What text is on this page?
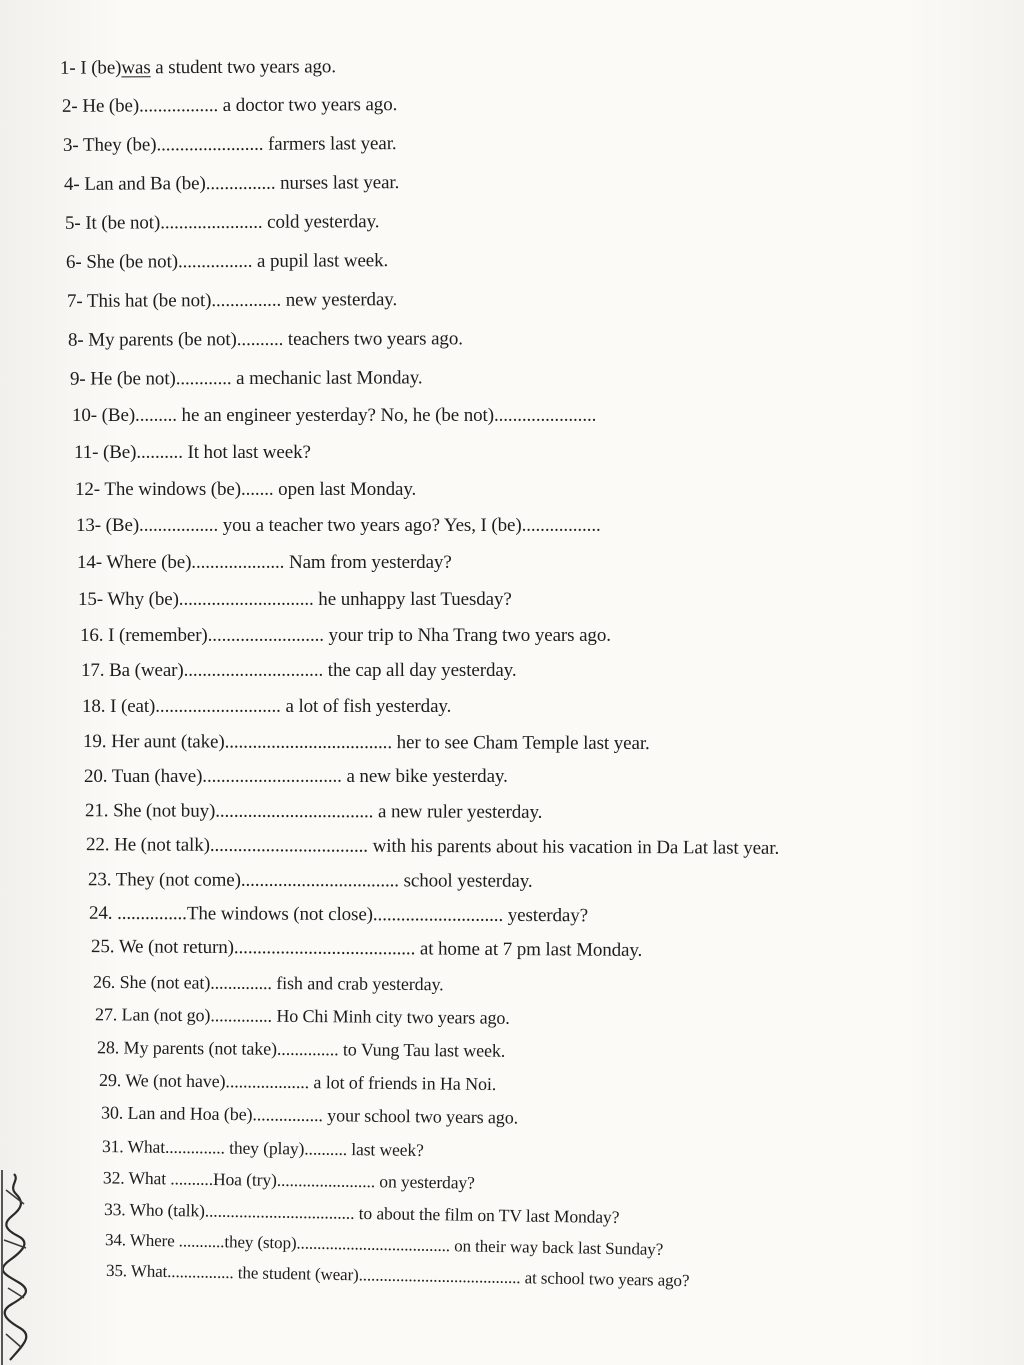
1- I (be)was a student two years ago.
2- He (be)................. a doctor two years ago.
3- They (be)....................... farmers last year.
4- Lan and Ba (be)............... nurses last year.
5- It (be not)...................... cold yesterday.
6- She (be not)................ a pupil last week.
7- This hat (be not)............... new yesterday.
8- My parents (be not).......... teachers two years ago.
9- He (be not)............ a mechanic last Monday.
10- (Be)......... he an engineer yesterday? No, he (be not)......................
11- (Be).......... It hot last week?
12- The windows (be)....... open last Monday.
13- (Be)................. you a teacher two years ago? Yes, I (be).................
14- Where (be).................... Nam from yesterday?
15- Why (be)............................. he unhappy last Tuesday?
16. I (remember)......................... your trip to Nha Trang two years ago.
17. Ba (wear).............................. the cap all day yesterday.
18. I (eat)........................... a lot of fish yesterday.
19. Her aunt (take).................................... her to see Cham Temple last year.
20. Tuan (have).............................. a new bike yesterday.
21. She (not buy).................................. a new ruler yesterday.
22. He (not talk).................................. with his parents about his vacation in Da Lat last year.
23. They (not come).................................. school yesterday.
24. ...............The windows (not close)............................ yesterday?
25. We (not return)....................................... at home at 7 pm last Monday.
26. She (not eat).............. fish and crab yesterday.
27. Lan (not go).............. Ho Chi Minh city two years ago.
28. My parents (not take).............. to Vung Tau last week.
29. We (not have)................... a lot of friends in Ha Noi.
30. Lan and Hoa (be)................ your school two years ago.
31. What.............. they (play).......... last week?
32. What ..........Hoa (try)....................... on yesterday?
33. Who (talk)................................... to about the film on TV last Monday?
34. Where ...........they (stop)..................................... on their way back last Sunday?
35. What................ the student (wear)....................................... at school two years ago?
